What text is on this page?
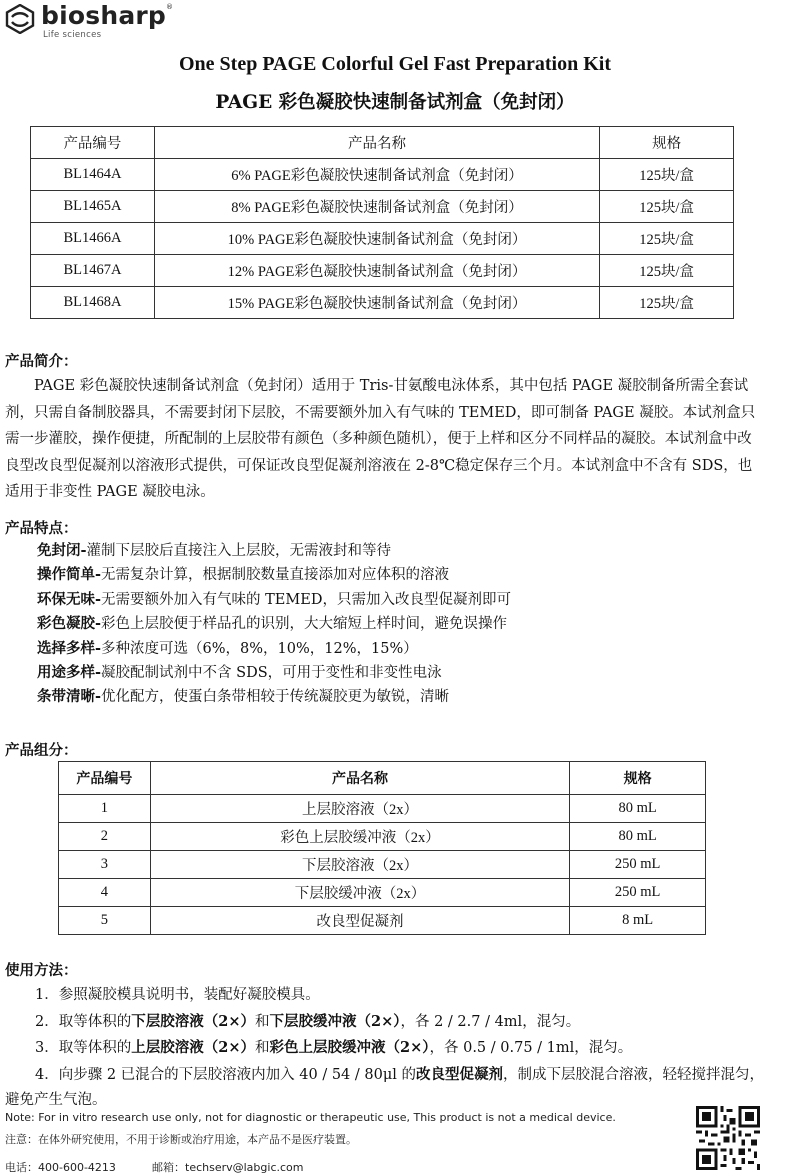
biosharp®
Life sciences
One Step PAGE Colorful Gel Fast Preparation Kit
PAGE 彩色凝胶快速制备试剂盒（免封闭）
产品编号	产品名称	规格
BL1464A	6% PAGE彩色凝胶快速制备试剂盒（免封闭）	125块/盒
BL1465A	8% PAGE彩色凝胶快速制备试剂盒（免封闭）	125块/盒
BL1466A	10% PAGE彩色凝胶快速制备试剂盒（免封闭）	125块/盒
BL1467A	12% PAGE彩色凝胶快速制备试剂盒（免封闭）	125块/盒
BL1468A	15% PAGE彩色凝胶快速制备试剂盒（免封闭）	125块/盒
产品简介：

PAGE 彩色凝胶快速制备试剂盒（免封闭）适用于 Tris-甘氨酸电泳体系，其中包括 PAGE 凝胶制备所需全套试剂，只需自备制胶器具，不需要封闭下层胶，不需要额外加入有气味的 TEMED，即可制备 PAGE 凝胶。本试剂盒只需一步灌胶，操作便捷，所配制的上层胶带有颜色（多种颜色随机），便于上样和区分不同样品的凝胶。本试剂盒中改良型改良型促凝剂以溶液形式提供，可保证改良型促凝剂溶液在 2-8℃稳定保存三个月。本试剂盒中不含有 SDS，也适用于非变性 PAGE 凝胶电泳。

产品特点：
免封闭-灌制下层胶后直接注入上层胶，无需液封和等待
操作简单-无需复杂计算，根据制胶数量直接添加对应体积的溶液
环保无味-无需要额外加入有气味的 TEMED，只需加入改良型促凝剂即可
彩色凝胶-彩色上层胶便于样品孔的识别，大大缩短上样时间，避免误操作
选择多样-多种浓度可选（6%，8%，10%，12%，15%）
用途多样-凝胶配制试剂中不含 SDS，可用于变性和非变性电泳
条带清晰-优化配方，使蛋白条带相较于传统凝胶更为敏锐，清晰
产品组分：
产品编号	产品名称	规格
1	上层胶溶液（2x）	80 mL
2	彩色上层胶缓冲液（2x）	80 mL
3	下层胶溶液（2x）	250 mL
4	下层胶缓冲液（2x）	250 mL
5	改良型促凝剂	8 mL
使用方法：
1．参照凝胶模具说明书，装配好凝胶模具。
2．取等体积的下层胶溶液（2×）和下层胶缓冲液（2×），各 2 / 2.7 / 4ml，混匀。
3．取等体积的上层胶溶液（2×）和彩色上层胶缓冲液（2×），各 0.5 / 0.75 / 1ml，混匀。
4．向步骤 2 已混合的下层胶溶液内加入 40 / 54 / 80μl 的改良型促凝剂，制成下层胶混合溶液，轻轻搅拌混匀，避免产生气泡。
Note: For in vitro research use only, not for diagnostic or therapeutic use, This product is not a medical device.
注意：在体外研究使用，不用于诊断或治疗用途，本产品不是医疗装置。
电话：400-600-4213	邮箱：techserv@labgic.com
